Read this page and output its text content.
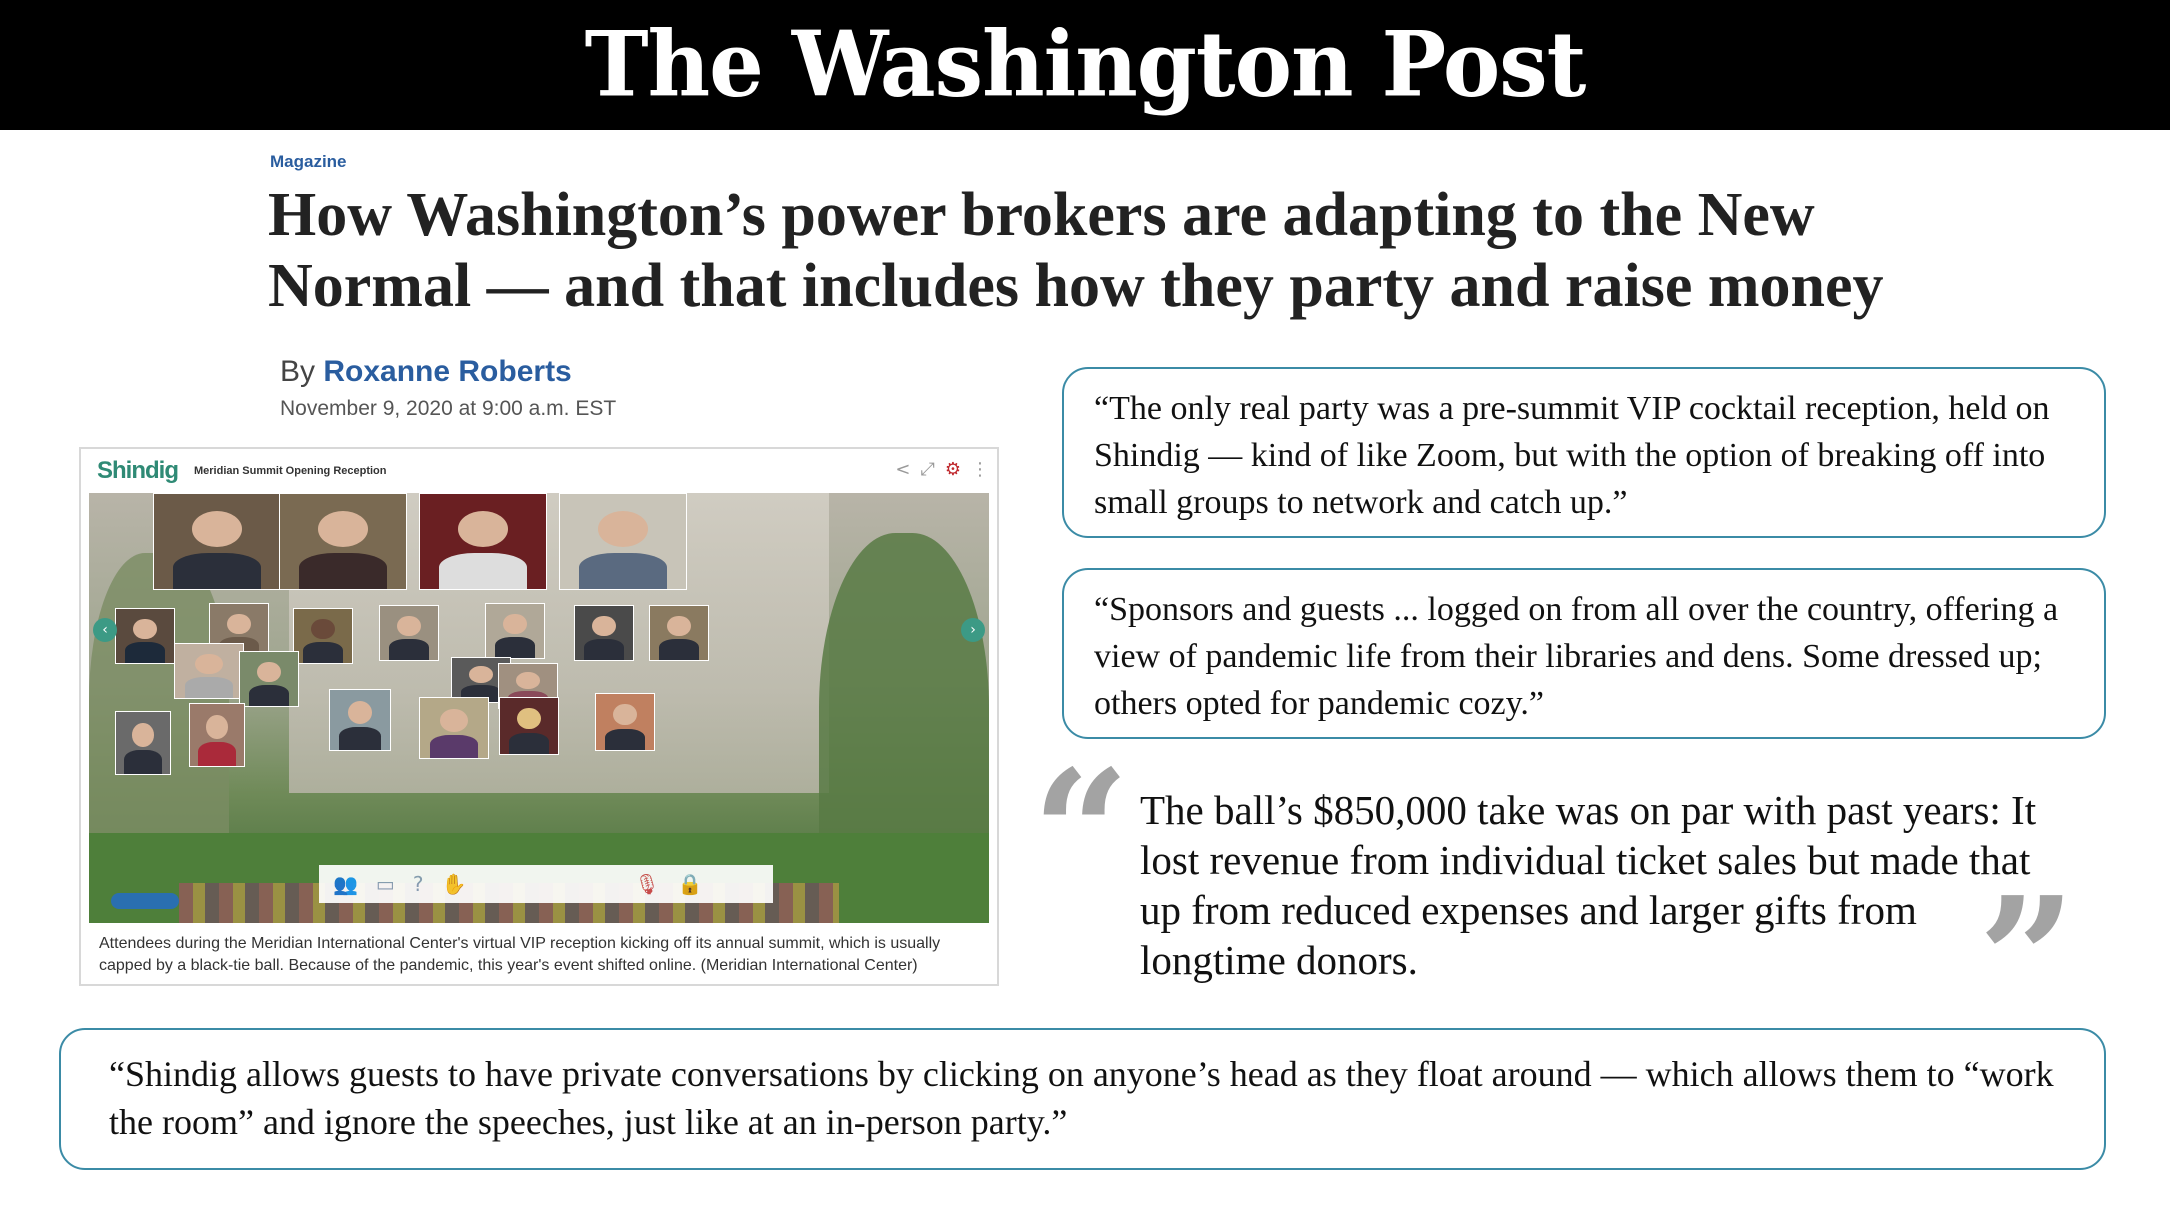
The Washington Post
Magazine
How Washington’s power brokers are adapting to the New Normal — and that includes how they party and raise money
By Roxanne Roberts
November 9, 2020 at 9:00 a.m. EST
Shindig Meridian Summit Opening Reception	< ⤢ ⚙ ⋮
‹	›
👥 ▭ ? ✋	🎙 🔒
Attendees during the Meridian International Center's virtual VIP reception kicking off its annual summit, which is usually capped by a black-tie ball. Because of the pandemic, this year's event shifted online. (Meridian International Center)

“The only real party was a pre-summit VIP cocktail reception, held on Shindig — kind of like Zoom, but with the option of breaking off into small groups to network and catch up.”

“Sponsors and guests ... logged on from all over the country, offering a view of pandemic life from their libraries and dens. Some dressed up; others opted for pandemic cozy.”

“ The ball’s $850,000 take was on par with past years: It lost revenue from individual ticket sales but made that up from reduced expenses and larger gifts from longtime donors.	”

“Shindig allows guests to have private conversations by clicking on anyone’s head as they float around — which allows them to “work the room” and ignore the speeches, just like at an in-person party.”
